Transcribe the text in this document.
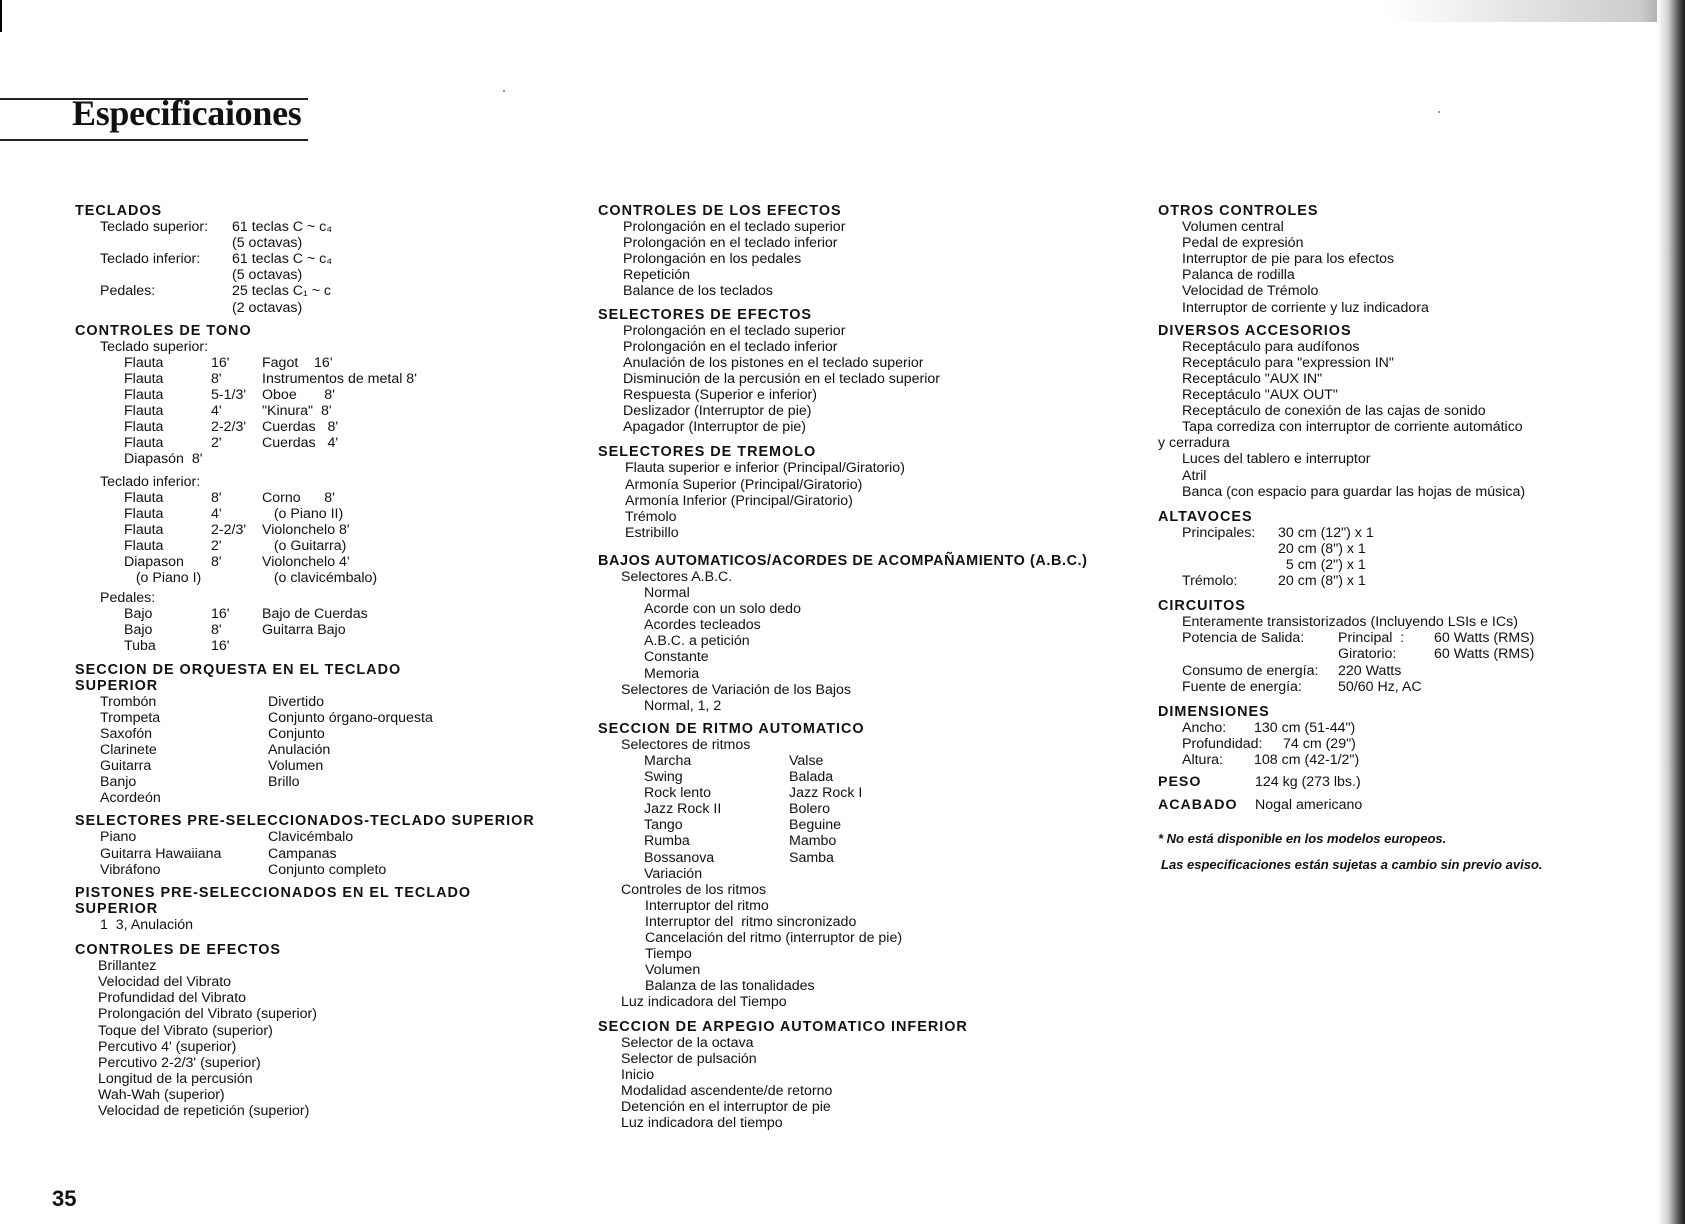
Especificaiones
TECLADOS
Teclado superior:	61 teclas C ~ c₄
(5 octavas)
Teclado inferior:	61 teclas C ~ c₄
(5 octavas)
Pedales:	25 teclas C₁ ~ c
(2 octavas)
CONTROLES DE TONO
Teclado superior:
Flauta	16'	Fagot    16'
Flauta	8'	Instrumentos de metal 8'
Flauta	5-1/3'	Oboe       8'
Flauta	4'	"Kinura"  8'
Flauta	2-2/3'	Cuerdas   8'
Flauta	2'	Cuerdas   4'
Diapasón  8'
Teclado inferior:
Flauta	8'	Corno      8'
Flauta	4'	(o Piano II)
Flauta	2-2/3'	Violonchelo 8'
Flauta	2'	(o Guitarra)
Diapason	8'	Violonchelo 4'
(o Piano I)	(o clavicémbalo)
Pedales:
Bajo	16'	Bajo de Cuerdas
Bajo	8'	Guitarra Bajo
Tuba	16'
SECCION DE ORQUESTA EN EL TECLADO
SUPERIOR
Trombón	Divertido
Trompeta	Conjunto órgano-orquesta
Saxofón	Conjunto
Clarinete	Anulación
Guitarra	Volumen
Banjo	Brillo
Acordeón
SELECTORES PRE-SELECCIONADOS-TECLADO SUPERIOR
Piano	Clavicémbalo
Guitarra Hawaiiana	Campanas
Vibráfono	Conjunto completo
PISTONES PRE-SELECCIONADOS EN EL TECLADO
SUPERIOR
1  3, Anulación
CONTROLES DE EFECTOS
Brillantez
Velocidad del Vibrato
Profundidad del Vibrato
Prolongación del Vibrato (superior)
Toque del Vibrato (superior)
Percutivo 4' (superior)
Percutivo 2-2/3' (superior)
Longitud de la percusión
Wah-Wah (superior)
Velocidad de repetición (superior)
CONTROLES DE LOS EFECTOS
Prolongación en el teclado superior
Prolongación en el teclado inferior
Prolongación en los pedales
Repetición
Balance de los teclados
SELECTORES DE EFECTOS
Prolongación en el teclado superior
Prolongación en el teclado inferior
Anulación de los pistones en el teclado superior
Disminución de la percusión en el teclado superior
Respuesta (Superior e inferior)
Deslizador (Interruptor de pie)
Apagador (Interruptor de pie)
SELECTORES DE TREMOLO
Flauta superior e inferior (Principal/Giratorio)
Armonía Superior (Principal/Giratorio)
Armonía Inferior (Principal/Giratorio)
Trémolo
Estribillo
BAJOS AUTOMATICOS/ACORDES DE ACOMPAÑAMIENTO (A.B.C.)
Selectores A.B.C.
Normal
Acorde con un solo dedo
Acordes tecleados
A.B.C. a petición
Constante
Memoria
Selectores de Variación de los Bajos
Normal, 1, 2
SECCION DE RITMO AUTOMATICO
Selectores de ritmos
Marcha	Valse
Swing	Balada
Rock lento	Jazz Rock I
Jazz Rock II	Bolero
Tango	Beguine
Rumba	Mambo
Bossanova	Samba
Variación
Controles de los ritmos
Interruptor del ritmo
Interruptor del  ritmo sincronizado
Cancelación del ritmo (interruptor de pie)
Tiempo
Volumen
Balanza de las tonalidades
Luz indicadora del Tiempo
SECCION DE ARPEGIO AUTOMATICO INFERIOR
Selector de la octava
Selector de pulsación
Inicio
Modalidad ascendente/de retorno
Detención en el interruptor de pie
Luz indicadora del tiempo
OTROS CONTROLES
Volumen central
Pedal de expresión
Interruptor de pie para los efectos
Palanca de rodilla
Velocidad de Trémolo
Interruptor de corriente y luz indicadora
DIVERSOS ACCESORIOS
Receptáculo para audífonos
Receptáculo para "expression IN"
Receptáculo "AUX IN"
Receptáculo "AUX OUT"
Receptáculo de conexión de las cajas de sonido
Tapa corrediza con interruptor de corriente automático
y cerradura
Luces del tablero e interruptor
Atril
Banca (con espacio para guardar las hojas de música)
ALTAVOCES
Principales:	30 cm (12") x 1
20 cm (8") x 1
5 cm (2") x 1
Trémolo:	20 cm (8") x 1
CIRCUITOS
Enteramente transistorizados (Incluyendo LSIs e ICs)
Potencia de Salida:	Principal  :	60 Watts (RMS)
Giratorio:	60 Watts (RMS)
Consumo de energía:	220 Watts
Fuente de energía:	50/60 Hz, AC
DIMENSIONES
Ancho:	130 cm (51-44")
Profundidad:	74 cm (29")
Altura:	108 cm (42-1/2")
PESO	124 kg (273 lbs.)
ACABADO	Nogal americano
* No está disponible en los modelos europeos.
Las especificaciones están sujetas a cambio sin previo aviso.
35
